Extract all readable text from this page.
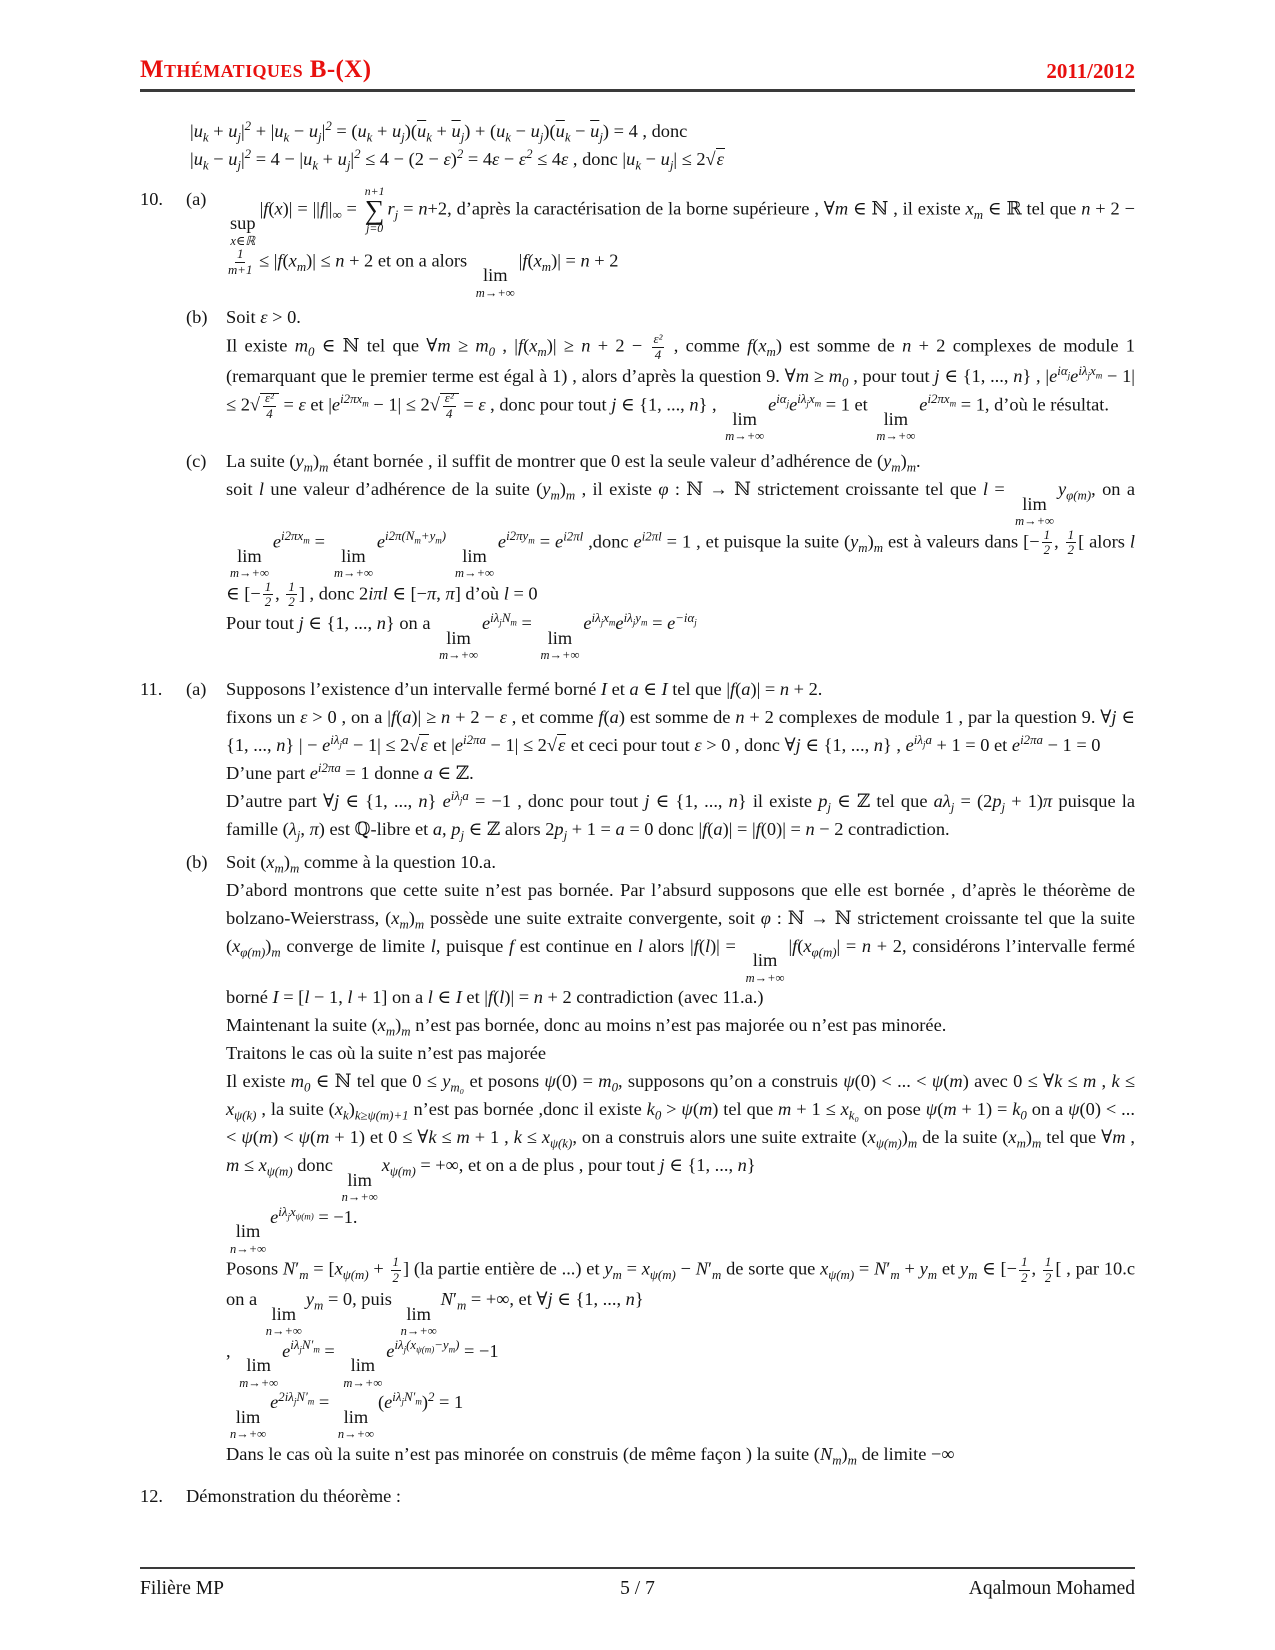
Mthématiques B-(X)	2011/2012
$|u_k + u_j|^2 + |u_k - u_j|^2 = (u_k + u_j)(\overline{u}_k + \overline{u}_j) + (u_k - u_j)(\overline{u}_k - \overline{u}_j) = 4$ , donc
$|u_k - u_j|^2 = 4 - |u_k + u_j|^2 \le 4 - (2 - \varepsilon)^2 = 4\varepsilon - \varepsilon^2 \le 4\varepsilon$ , donc $|u_k - u_j| \le 2√\varepsilon$
10.	(a)

sup
x∈ℝ
$|f(x)| = ||f||_\infty$ =
n+1
∑
j=0
$r_j = n+2$, d’après la caractérisation de la borne supérieure , ∀m ∈ ℕ , il existe $x_m$ ∈ ℝ tel que n + 2 −
$\frac{1}{m+1} \le |f(x_m)| \le n + 2$ et on a alors
lim
m→+∞
$|f(x_m)| = n + 2$

(b)	Soit ε > 0.

Il existe $m_0$ ∈ ℕ tel que ∀m ≥ $m_0$ , $|f(x_m)| \ge n + 2 - \frac{\text{ε²}}{4}$ , comme $f(x_m)$ est somme de n + 2 complexes de module 1 (remarquant que le premier terme est égal à 1) , alors d’après la question 9. ∀m ≥ $m_0$ , pour tout j ∈ {1, ..., n} , $|e^{i\alpha_j}e^{i\lambda_jx_m} - 1| \le 2√ \frac{\text{ε²}}{4} = \varepsilon$ et $|e^{i2\pi x_m} - 1| \le 2√ \frac{\text{ε²}}{4} = \varepsilon$ , donc pour tout j ∈ {1, ..., n} ,
lim
m→+∞
$e^{i\alpha_j}e^{i\lambda_jx_m} = 1$ et
lim
m→+∞
$e^{i2\pi x_m} = 1$, d’où le résultat.

(c)	La suite $(y_m)_m$ étant bornée , il suffit de montrer que 0 est la seule valeur d’adhérence de $(y_m)_m$.

soit l une valeur d’adhérence de la suite $(y_m)_m$ , il existe φ : ℕ → ℕ strictement croissante tel que l =
lim
m→+∞
$y_{\varphi(m)}$, on a
lim
m→+∞
$e^{i2\pi x_m}$ =
lim
m→+∞
$e^{i2\pi(N_m+y_m)}$
lim
m→+∞
$e^{i2\pi y_m} = e^{i2\pi l}$ ,donc $e^{i2\pi l} = 1$ , et puisque la suite $(y_m)_m$ est à valeurs dans [− $\frac{1}{2}$ , $\frac{1}{2}$ [ alors l ∈ [− $\frac{1}{2}$ , $\frac{1}{2}$ ] , donc 2iπl ∈ [−π, π] d’où l = 0

Pour tout j ∈ {1, ..., n} on a
lim
m→+∞
$e^{i\lambda_jN_m}$ =
lim
m→+∞
$e^{i\lambda_jx_m}e^{i\lambda_jy_m} = e^{-i\alpha_j}$

11.	(a)	Supposons l’existence d’un intervalle fermé borné I et a ∈ I tel que |f(a)| = n + 2.

fixons un ε > 0 , on a |f(a)| ≥ n + 2 − ε , et comme f(a) est somme de n + 2 complexes de module 1 , par la question 9. ∀j ∈ {1, ..., n} | − $e^{i\lambda_ja} - 1| \le 2√\varepsilon$ et $|e^{i2\pi a} - 1| \le 2√\varepsilon$ et ceci pour tout ε > 0 , donc ∀j ∈ {1, ..., n} , $e^{i\lambda_ja} + 1 = 0$ et $e^{i2\pi a} - 1 = 0$

D’une part $e^{i2\pi a} = 1$ donne a ∈ ℤ.

D’autre part ∀j ∈ {1, ..., n} $e^{i\lambda_ja} = -1$ , donc pour tout j ∈ {1, ..., n} il existe $p_j$ ∈ ℤ tel que $a\lambda_j = (2p_j + 1)\pi$ puisque la famille ($\lambda_j$, π) est ℚ-libre et a, $p_j$ ∈ ℤ alors $2p_j + 1 = a = 0$ donc |f(a)| = |f(0)| = n − 2 contradiction.

(b)	Soit $(x_m)_m$ comme à la question 10.a.

D’abord montrons que cette suite n’est pas bornée. Par l’absurd supposons que elle est bornée , d’après le théorème de bolzano-Weierstrass, $(x_m)_m$ possède une suite extraite convergente, soit φ : ℕ → ℕ strictement croissante tel que la suite $(x_{\varphi(m)})_m$ converge de limite l, puisque f est continue en l alors |f(l)| =
lim
m→+∞
$|f(x_{\varphi(m)}| = n + 2$, considérons l’intervalle fermé borné I = [l − 1, l + 1] on a l ∈ I et |f(l)| = n + 2 contradiction (avec 11.a.)

Maintenant la suite $(x_m)_m$ n’est pas bornée, donc au moins n’est pas majorée ou n’est pas minorée.

Traitons le cas où la suite n’est pas majorée

Il existe $m_0$ ∈ ℕ tel que $0 \le y_{m_0}$ et posons $\psi(0) = m_0$, supposons qu’on a construis ψ(0) < ... < ψ(m) avec 0 ≤ ∀k ≤ m , $k \le x_{\psi(k)}$ , la suite $(x_k)_{k\ge\psi(m)+1}$ n’est pas bornée ,donc il existe $k_0 > \psi(m)$ tel que $m + 1 \le x_{k_0}$ on pose $\psi(m + 1) = k_0$ on a ψ(0) < ... < ψ(m) < ψ(m + 1) et 0 ≤ ∀k ≤ m + 1 , $k \le x_{\psi(k)}$, on a construis alors une suite extraite $(x_{\psi(m)})_m$ de la suite $(x_m)_m$ tel que ∀m , $m \le x_{\psi(m)}$ donc
lim
n→+∞
$x_{\psi(m)}$ = +∞, et on a de plus , pour tout j ∈ {1, ..., n}

lim
n→+∞
$e^{i\lambda_jx_{\psi(m)}} = -1$.

Posons $N'_m = [x_{\psi(m)} + \frac{1}{2}$ ] (la partie entière de ...) et $y_m = x_{\psi(m)} - N'_m$ de sorte que $x_{\psi(m)} = N'_m + y_m$ et $y_m$ ∈ [− $\frac{1}{2}$ , $\frac{1}{2}$ [ , par 10.c on a
lim
n→+∞
$y_m = 0$, puis
lim
n→+∞
$N'_m$ = +∞, et ∀j ∈ {1, ..., n}

,
lim
m→+∞
$e^{i\lambda_jN'_m}$ =
lim
m→+∞
$e^{i\lambda_j(x_{\psi(m)}-y_m)} = -1$

lim
n→+∞
$e^{2i\lambda_jN'_m}$ =
lim
n→+∞
$(e^{i\lambda_jN'_m})^2 = 1$

Dans le cas où la suite n’est pas minorée on construis (de même façon ) la suite $(N_m)_m$ de limite −∞

12.	Démonstration du théorème :

Filière MP	5 / 7	Aqalmoun Mohamed
